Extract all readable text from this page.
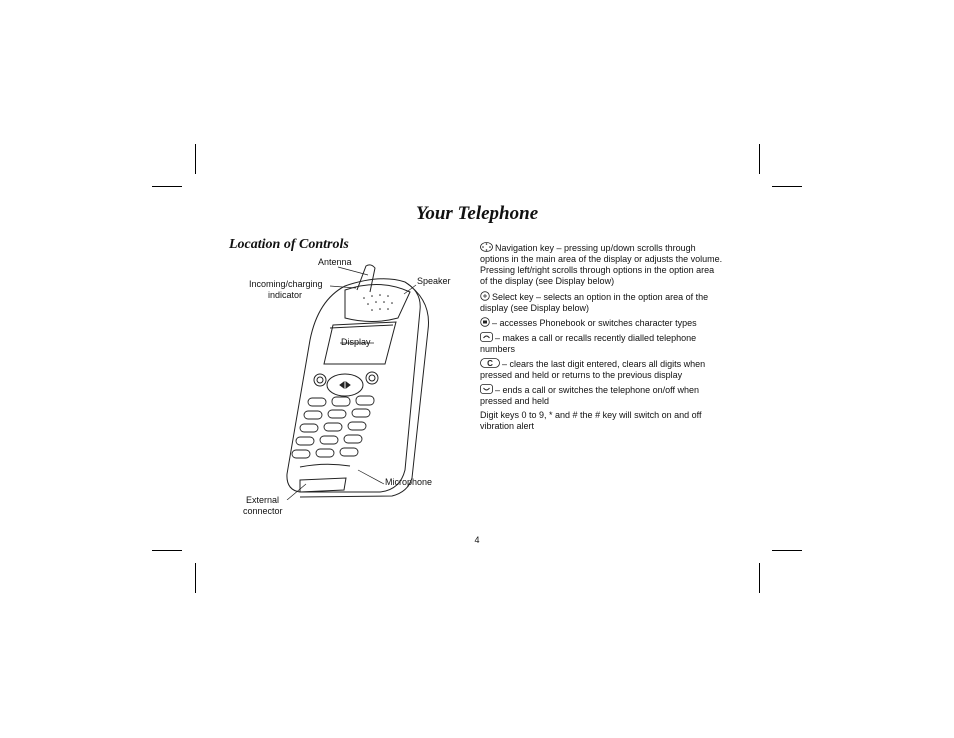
Your Telephone
Location of Controls
Antenna
Incoming/charging
indicator
Speaker
Display
Microphone
External
connector

Navigation key – pressing up/down scrolls through options in the main area of the display or adjusts the volume. Pressing left/right scrolls through options in the option area of the display (see Display below)

Select key – selects an option in the option area of the display (see Display below)

– accesses Phonebook or switches character types

– makes a call or recalls recently dialled telephone numbers

C – clears the last digit entered, clears all digits when pressed and held or returns to the previous display

– ends a call or switches the telephone on/off when pressed and held

Digit keys 0 to 9, * and # the # key will switch on and off vibration alert

4
